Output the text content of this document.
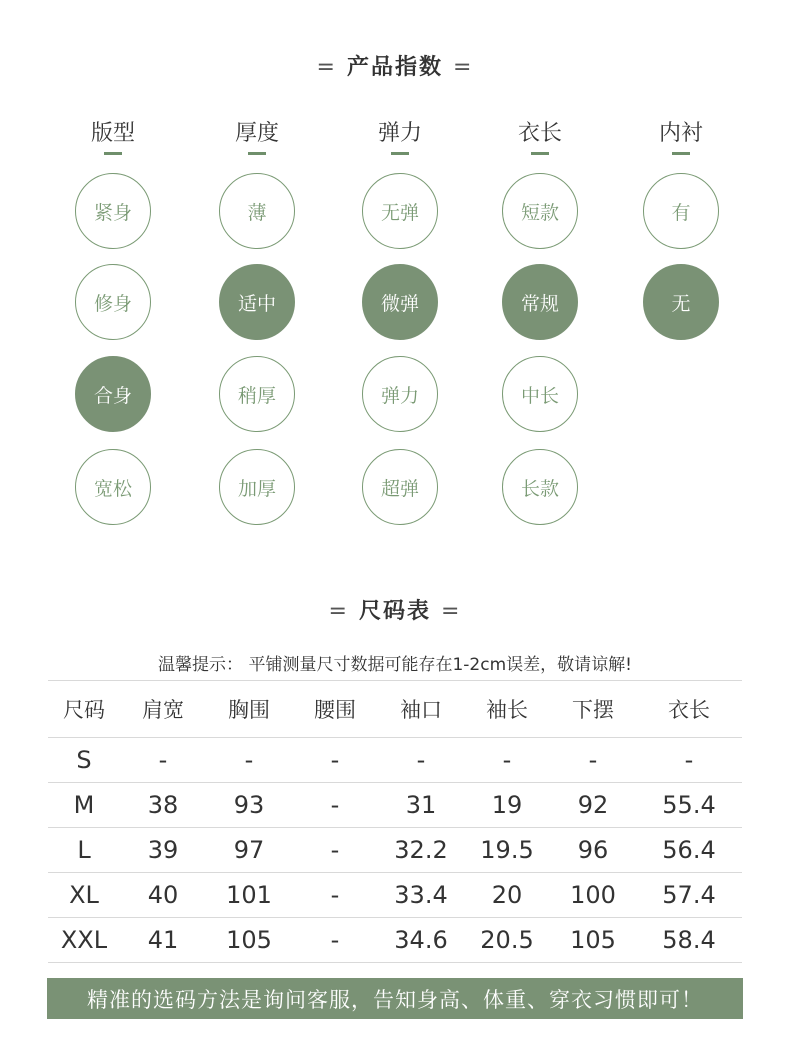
= 产品指数 =
版型
紧身
修身
合身
宽松
厚度
薄
适中
稍厚
加厚
弹力
无弹
微弹
弹力
超弹
衣长
短款
常规
中长
长款
内衬
有
无
= 尺码表 =
温馨提示： 平铺测量尺寸数据可能存在1-2cm误差，敬请谅解!
尺码	肩宽	胸围	腰围	袖口	袖长	下摆	衣长
S	-	-	-	-	-	-	-
M	38	93	-	31	19	92	55.4
L	39	97	-	32.2	19.5	96	56.4
XL	40	101	-	33.4	20	100	57.4
XXL	41	105	-	34.6	20.5	105	58.4
精准的选码方法是询问客服，告知身高、体重、穿衣习惯即可！
